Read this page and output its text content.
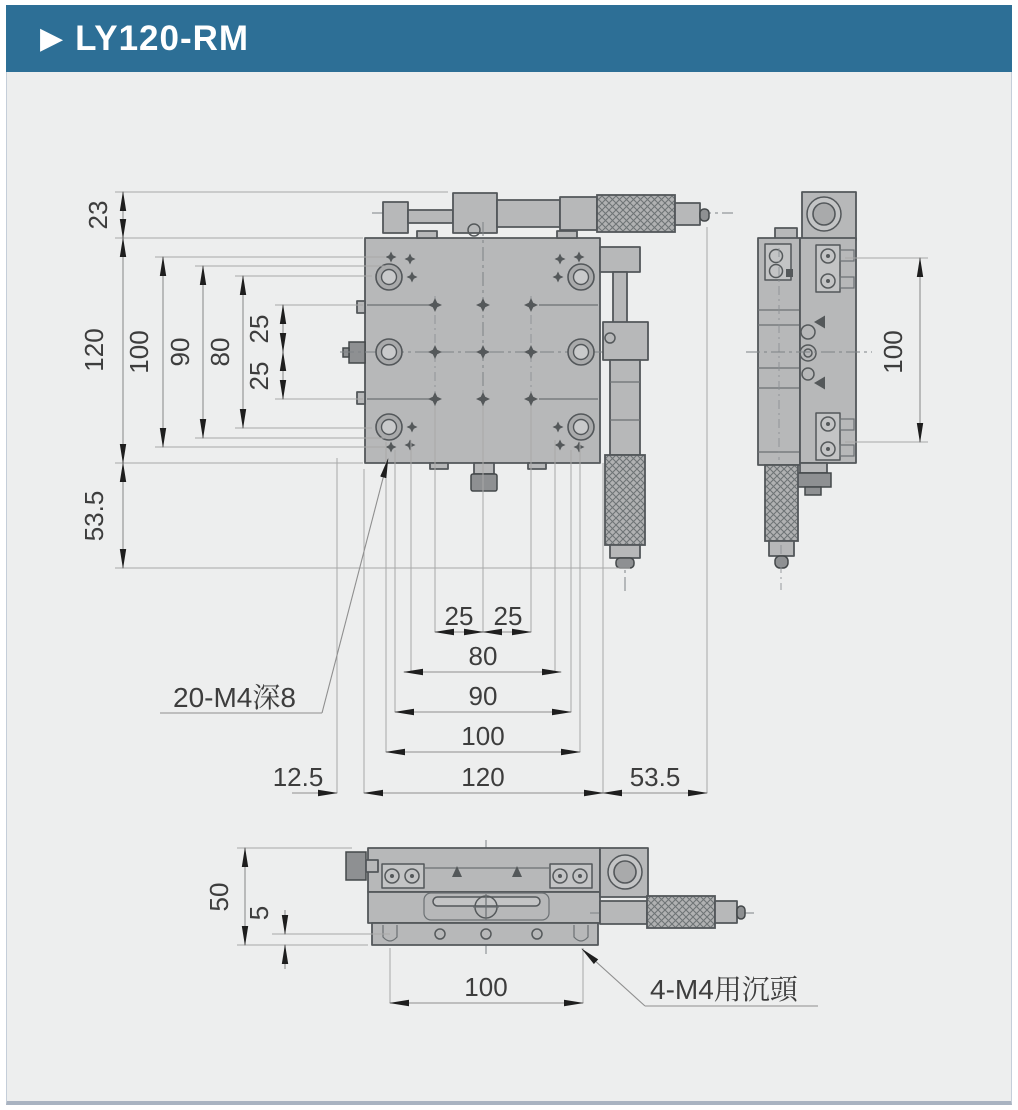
▶ LY120-RM
23
120 100 90 80
25
25
53.5
25 25
80
90
100
12.5	120	53.5
20-M4深8
100
50
5
100	4-M4用沉頭
